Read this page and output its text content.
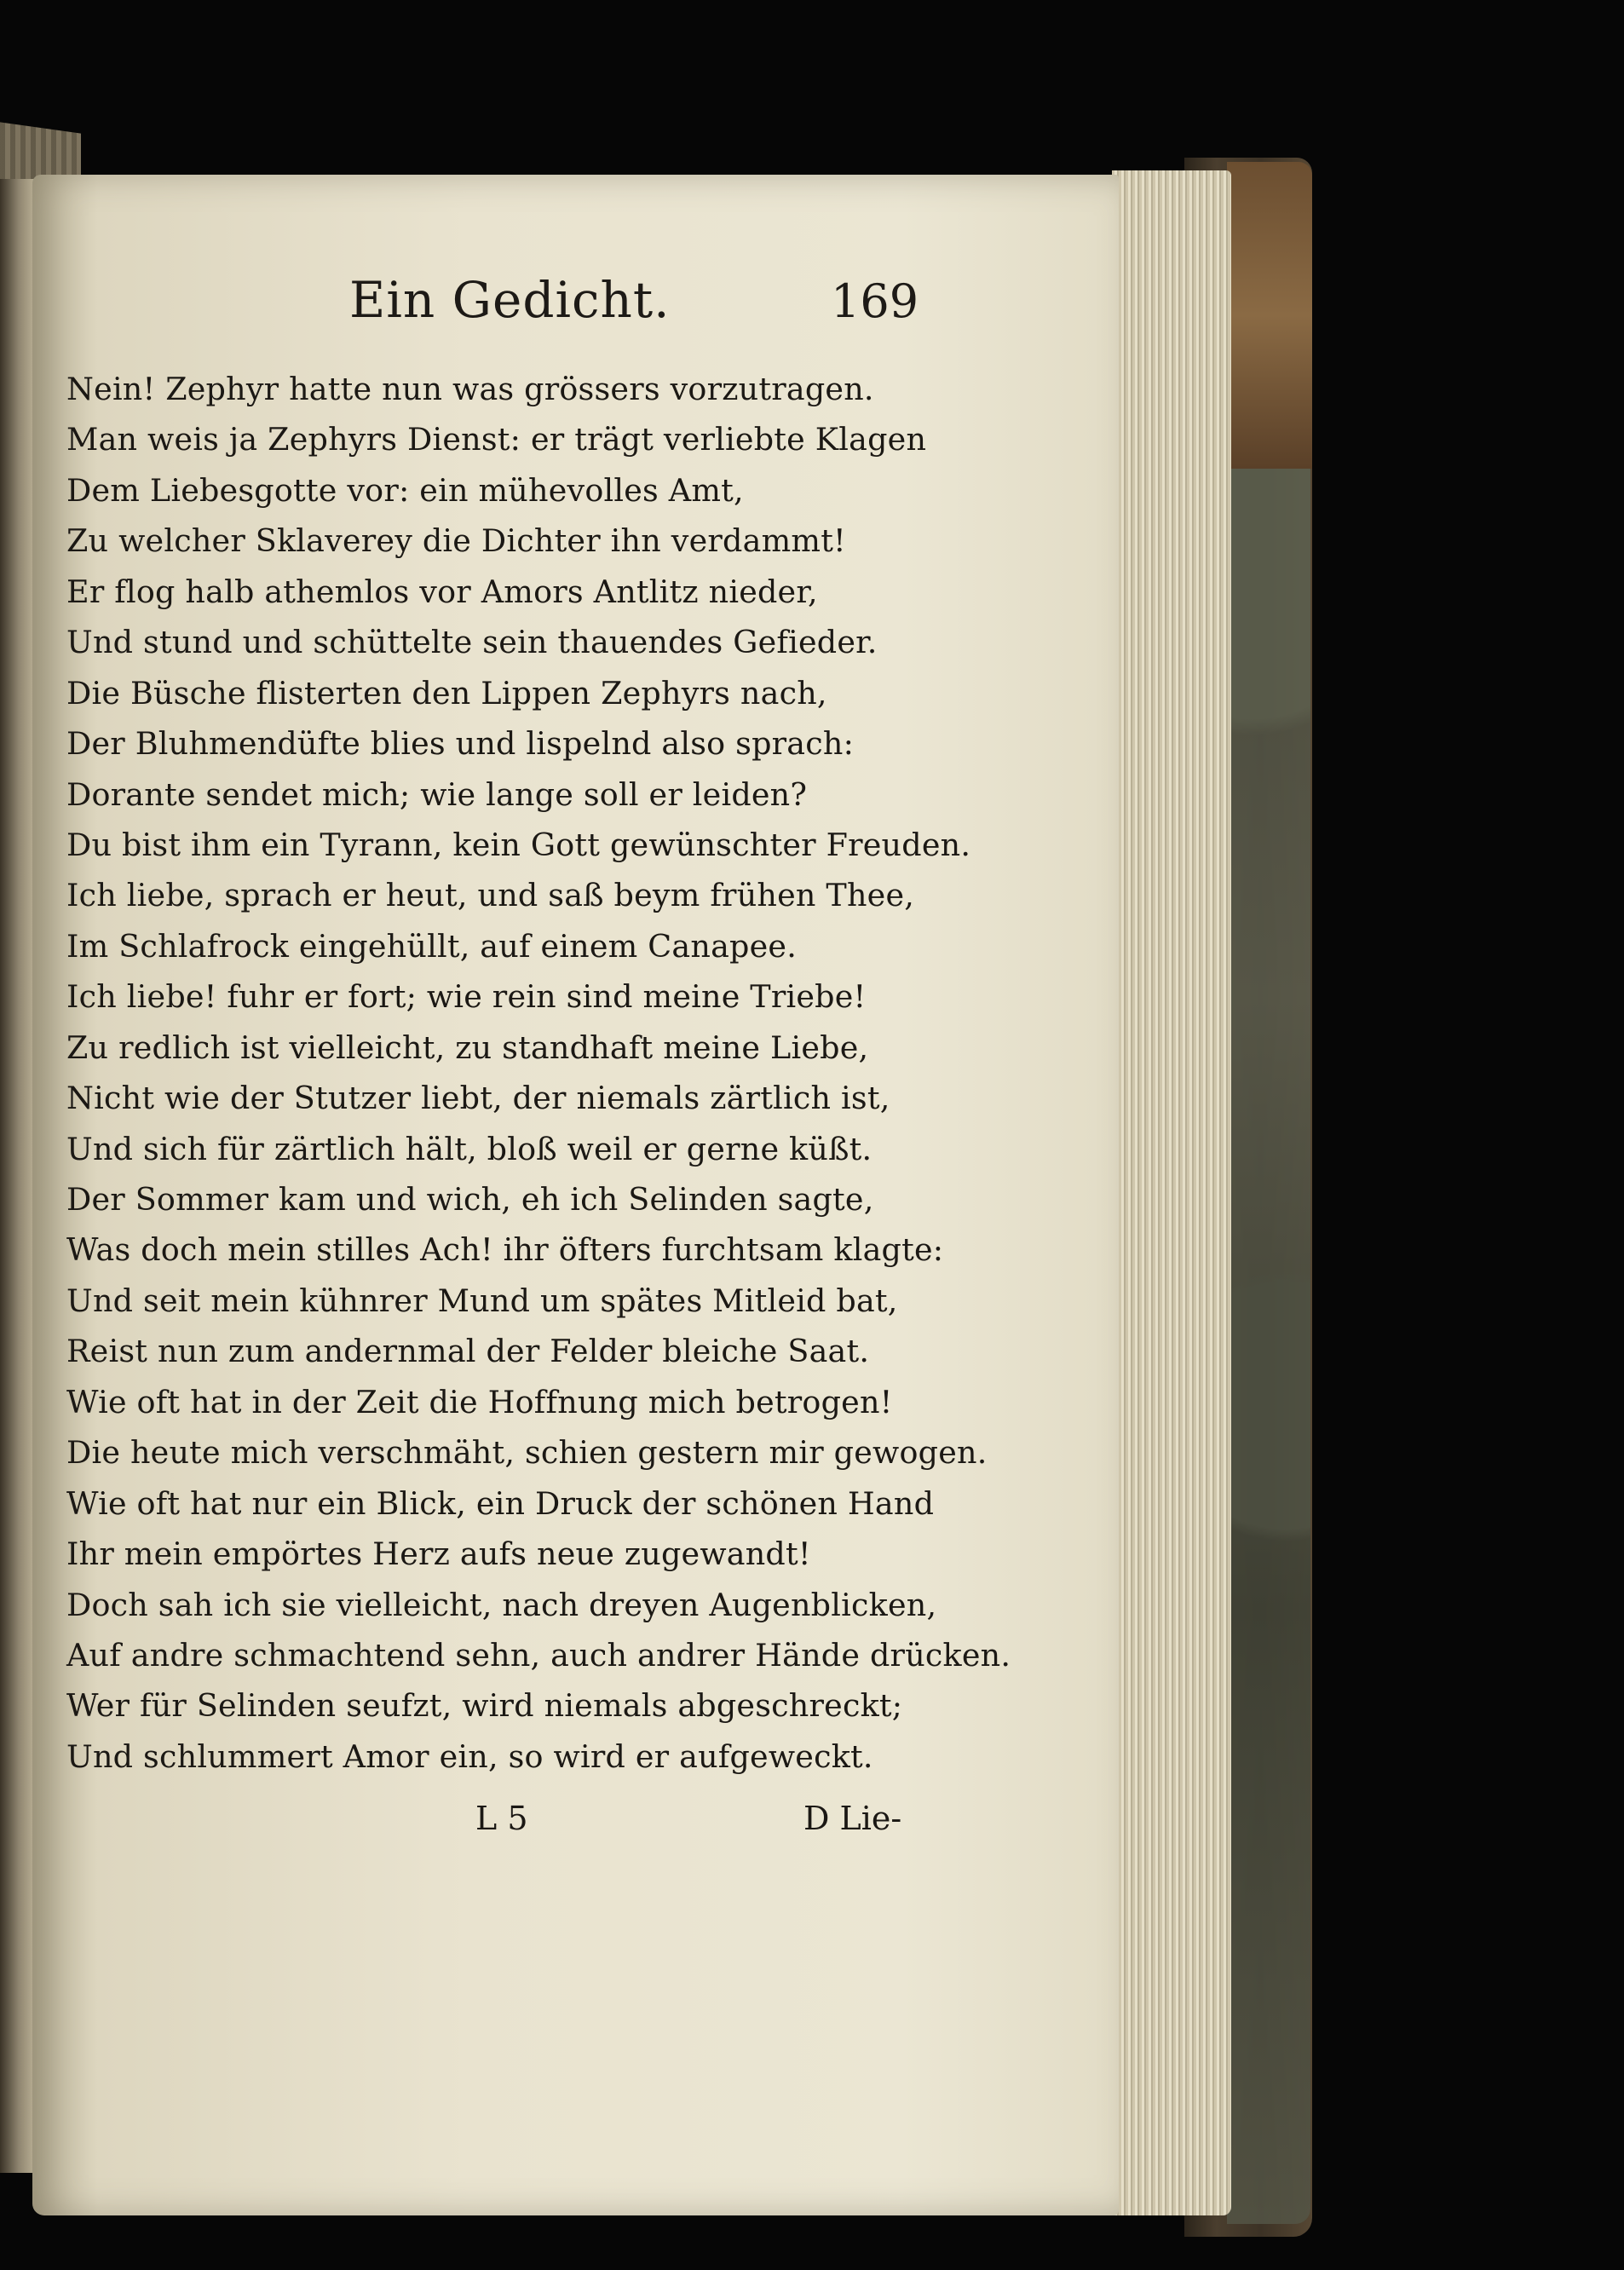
Ein Gedicht.	169
Nein! Zephyr hatte nun was grössers vorzutragen.
Man weis ja Zephyrs Dienst: er trägt verliebte Klagen
Dem Liebesgotte vor: ein mühevolles Amt,
Zu welcher Sklaverey die Dichter ihn verdammt!
Er flog halb athemlos vor Amors Antlitz nieder,
Und stund und schüttelte sein thauendes Gefieder.
Die Büsche flisterten den Lippen Zephyrs nach,
Der Bluhmendüfte blies und lispelnd also sprach:
Dorante sendet mich; wie lange soll er leiden?
Du bist ihm ein Tyrann, kein Gott gewünschter Freuden.
Ich liebe, sprach er heut, und saß beym frühen Thee,
Im Schlafrock eingehüllt, auf einem Canapee.
Ich liebe! fuhr er fort; wie rein sind meine Triebe!
Zu redlich ist vielleicht, zu standhaft meine Liebe,
Nicht wie der Stutzer liebt, der niemals zärtlich ist,
Und sich für zärtlich hält, bloß weil er gerne küßt.
Der Sommer kam und wich, eh ich Selinden sagte,
Was doch mein stilles Ach! ihr öfters furchtsam klagte:
Und seit mein kühnrer Mund um spätes Mitleid bat,
Reist nun zum andernmal der Felder bleiche Saat.
Wie oft hat in der Zeit die Hoffnung mich betrogen!
Die heute mich verschmäht, schien gestern mir gewogen.
Wie oft hat nur ein Blick, ein Druck der schönen Hand
Ihr mein empörtes Herz aufs neue zugewandt!
Doch sah ich sie vielleicht, nach dreyen Augenblicken,
Auf andre schmachtend sehn, auch andrer Hände drücken.
Wer für Selinden seufzt, wird niemals abgeschreckt;
Und schlummert Amor ein, so wird er aufgeweckt.
L 5	D Lie-
